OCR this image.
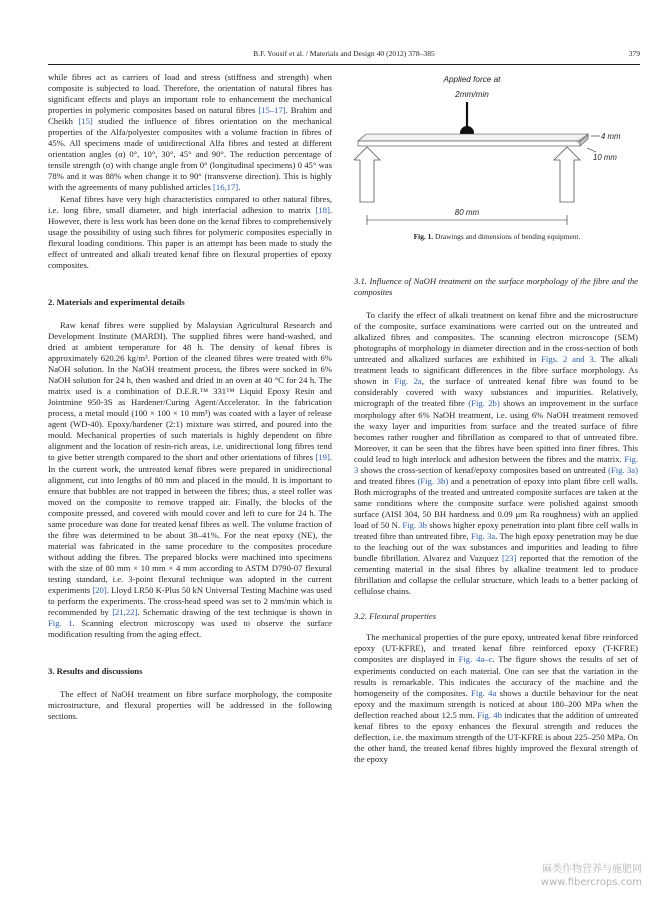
B.F. Yousif et al. / Materials and Design 40 (2012) 378–385	379

while fibres act as carriers of load and stress (stiffness and strength) when composite is subjected to load. Therefore, the orientation of natural fibres has significant effects and plays an important role to enhancement the mechanical properties in polymeric composites based on natural fibres [15–17]. Brahim and Cheikh [15] studied the influence of fibres orientation on the mechanical properties of the Alfa/polyester composites with a volume fraction in fibres of 45%. All specimens made of unidirectional Alfa fibres and tested at different orientation angles (α) 0°, 10°, 30°, 45° and 90°. The reduction percentage of tensile strength (σ) with change angle from 0° (longitudinal specimens) 0 45° was 78% and it was 88% when change it to 90° (transverse direction). This is highly with the agreements of many published articles [16,17].

Kenaf fibres have very high characteristics compared to other natural fibres, i.e. long fibre, small diameter, and high interfacial adhesion to matrix [18]. However, there is less work has been done on the kenaf fibres to comprehensively usage the possibility of using such fibres for polymeric composites especially in flexural loading conditions. This paper is an attempt has been made to study the effect of untreated and alkali treated kenaf fibre on flexural properties of epoxy composites.

2. Materials and experimental details

Raw kenaf fibres were supplied by Malaysian Agricultural Research and Development Institute (MARDI). The supplied fibres were hand-washed, and dried at ambient temperature for 48 h. The density of kenaf fibres is approximately 620.26 kg/m³. Portion of the cleaned fibres were treated with 6% NaOH solution. In the NaOH treatment process, the fibres were socked in 6% NaOH solution for 24 h, then washed and dried in an oven at 40 °C for 24 h. The matrix used is a combination of D.E.R.™ 331™ Liquid Epoxy Resin and Jointmine 950-3S as Hardener/Curing Agent/Accelerator. In the fabrication process, a metal mould (100 × 100 × 10 mm³) was coated with a layer of release agent (WD-40). Epoxy/hardener (2:1) mixture was stirred, and poured into the mould. Mechanical properties of such materials is highly dependent on fibre alignment and the location of resin-rich areas, i.e. unidirectional long fibres tend to give better strength compared to the short and other orientations of fibres [19]. In the current work, the untreated kenaf fibres were prepared in unidirectional alignment, cut into lengths of 80 mm and placed in the mould. It is important to ensure that bubbles are not trapped in between the fibres; thus, a steel roller was moved on the composite to remove trapped air. Finally, the blocks of the composite pressed, and covered with mould cover and left to cure for 24 h. The same procedure was done for treated kenaf fibres as well. The volume fraction of the fibre was determined to be about 38–41%. For the neat epoxy (NE), the material was fabricated in the same procedure to the composites procedure without adding the fibres. The prepared blocks were machined into specimens with the size of 80 mm × 10 mm × 4 mm according to ASTM D790-07 flexural testing standard, i.e. 3-point flexural technique was adopted in the current experiments [20]. Lloyd LR50 K-Plus 50 kN Universal Testing Machine was used to perform the experiments. The cross-head speed was set to 2 mm/min which is recommended by [21,22]. Schematic drawing of the test technique is shown in Fig. 1. Scanning electron microscopy was used to observe the surface modification resulting from the aging effect.

3. Results and discussions

The effect of NaOH treatment on fibre surface morphology, the composite microstructure, and flexural properties will be addressed in the following sections.

Applied force at
2mm/min
4 mm
10 mm
80 mm
Fig. 1. Drawings and dimensions of bending equipment.
3.1. Influence of NaOH treatment on the surface morphology of the fibre and the composites

To clarify the effect of alkali treatment on kenaf fibre and the microstructure of the composite, surface examinations were carried out on the untreated and alkalized fibres and composites. The scanning electron microscope (SEM) photographs of morphology in diameter direction and in the cross-section of both untreated and alkalized surfaces are exhibited in Figs. 2 and 3. The alkali treatment leads to significant differences in the fibre surface morphology. As shown in Fig. 2a, the surface of untreated kenaf fibre was found to be considerably covered with waxy substances and impurities. Relatively, micrograph of the treated fibre (Fig. 2b) shows an improvement in the surface morphology after 6% NaOH treatment, i.e. using 6% NaOH treatment removed the waxy layer and impurities from surface and the treated surface of fibre becomes rather rougher and fibrillation as compared to that of untreated fibre. Moreover, it can be seen that the fibres have been spitted into finer fibres. This could lead to high interlock and adhesion between the fibres and the matrix. Fig. 3 shows the cross-section of kenaf/epoxy composites based on untreated (Fig. 3a) and treated fibres (Fig. 3b) and a penetration of epoxy into plant fibre cell walls. Both micrographs of the treated and untreated composite surfaces are taken at the same conditions where the composite surface were polished against smooth surface (AISI 304, 50 BH hardness and 0.09 μm Ra roughness) with an applied load of 50 N. Fig. 3b shows higher epoxy penetration into plant fibre cell walls in treated fibre than untreated fibre, Fig. 3a. The high epoxy penetration may be due to the leaching out of the wax substances and impurities and leading to fibre bundle fibrillation. Alvarez and Vazquez [23] reported that the remotion of the cementing material in the sisal fibres by alkaline treatment led to produce fibrillation and collapse the cellular structure, which leads to a better packing of cellulose chains.

3.2. Flexural properties

The mechanical properties of the pure epoxy, untreated kenaf fibre reinforced epoxy (UT-KFRE), and treated kenaf fibre reinforced epoxy (T-KFRE) composites are displayed in Fig. 4a–c. The figure shows the results of set of experiments conducted on each material. One can see that the variation in the results is remarkable. This indicates the accuracy of the machine and the homogeneity of the composites. Fig. 4a shows a ductile behaviour for the neat epoxy and the maximum strength is noticed at about 180–200 MPa when the deflection reached about 12.5 mm. Fig. 4b indicates that the addition of untreated kenaf fibres to the epoxy enhances the flexural strength and reduces the deflection, i.e. the maximum strength of the UT-KFRE is about 225–250 MPa. On the other hand, the treated kenaf fibres highly improved the flexural strength of the epoxy

麻类作物营养与施肥网
www.fibercrops.com
